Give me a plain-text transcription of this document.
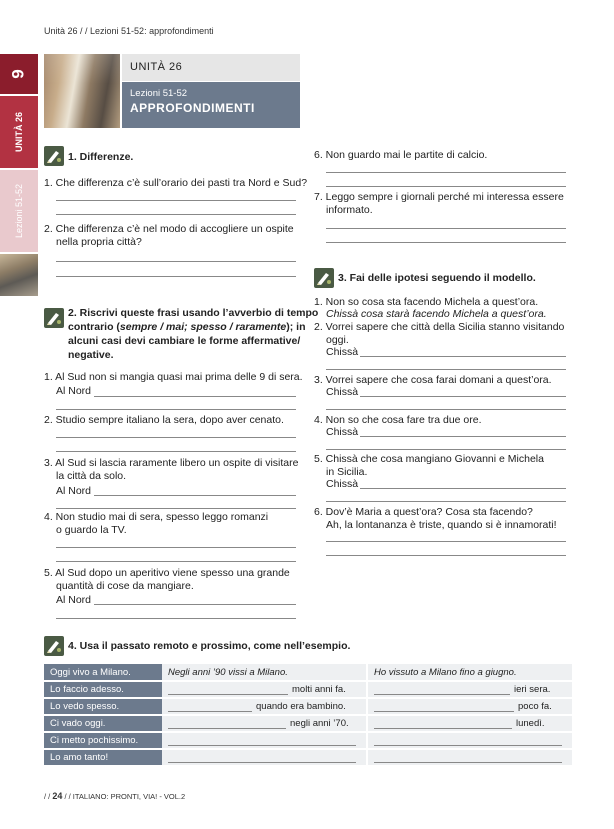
Unità 26 / / Lezioni 51-52: approfondimenti
9
UNITÀ 26
Lezioni 51-52
UNITÀ 26
Lezioni 51-52
APPROFONDIMENTI
1. Differenze.
1. Che differenza c’è sull’orario dei pasti tra Nord e Sud?
2. Che differenza c’è nel modo di accogliere un ospite
nella propria città?
2. Riscrivi queste frasi usando l’avverbio di tempo
contrario (sempre / mai; spesso / raramente); in
alcuni casi devi cambiare le forme affermative/
negative.
1. Al Sud non si mangia quasi mai prima delle 9 di sera.
Al Nord
2. Studio sempre italiano la sera, dopo aver cenato.
3. Al Sud si lascia raramente libero un ospite di visitare
la città da solo.
Al Nord
4. Non studio mai di sera, spesso leggo romanzi
o guardo la TV.
5. Al Sud dopo un aperitivo viene spesso una grande
quantità di cose da mangiare.
Al Nord
6. Non guardo mai le partite di calcio.
7. Leggo sempre i giornali perché mi interessa essere
informato.
3. Fai delle ipotesi seguendo il modello.
1. Non so cosa sta facendo Michela a quest’ora.
Chissà cosa starà facendo Michela a quest’ora.
2. Vorrei sapere che città della Sicilia stanno visitando
oggi.
Chissà
3. Vorrei sapere che cosa farai domani a quest’ora.
Chissà
4. Non so che cosa fare tra due ore.
Chissà
5. Chissà che cosa mangiano Giovanni e Michela
in Sicilia.
Chissà
6. Dov’è Maria a quest’ora? Cosa sta facendo?
Ah, la lontananza è triste, quando si è innamorati!
4. Usa il passato remoto e prossimo, come nell’esempio.
Oggi vivo a Milano.	Negli anni ’90 vissi a Milano.	Ho vissuto a Milano fino a giugno.
Lo faccio adesso.	molti anni fa.	ieri sera.
Lo vedo spesso.	quando era bambino.	poco fa.
Ci vado oggi.	negli anni ’70.	lunedì.
Ci metto pochissimo.		
Lo amo tanto!		
/ / 24 / / ITALIANO: PRONTI, VIA! - VOL.2
